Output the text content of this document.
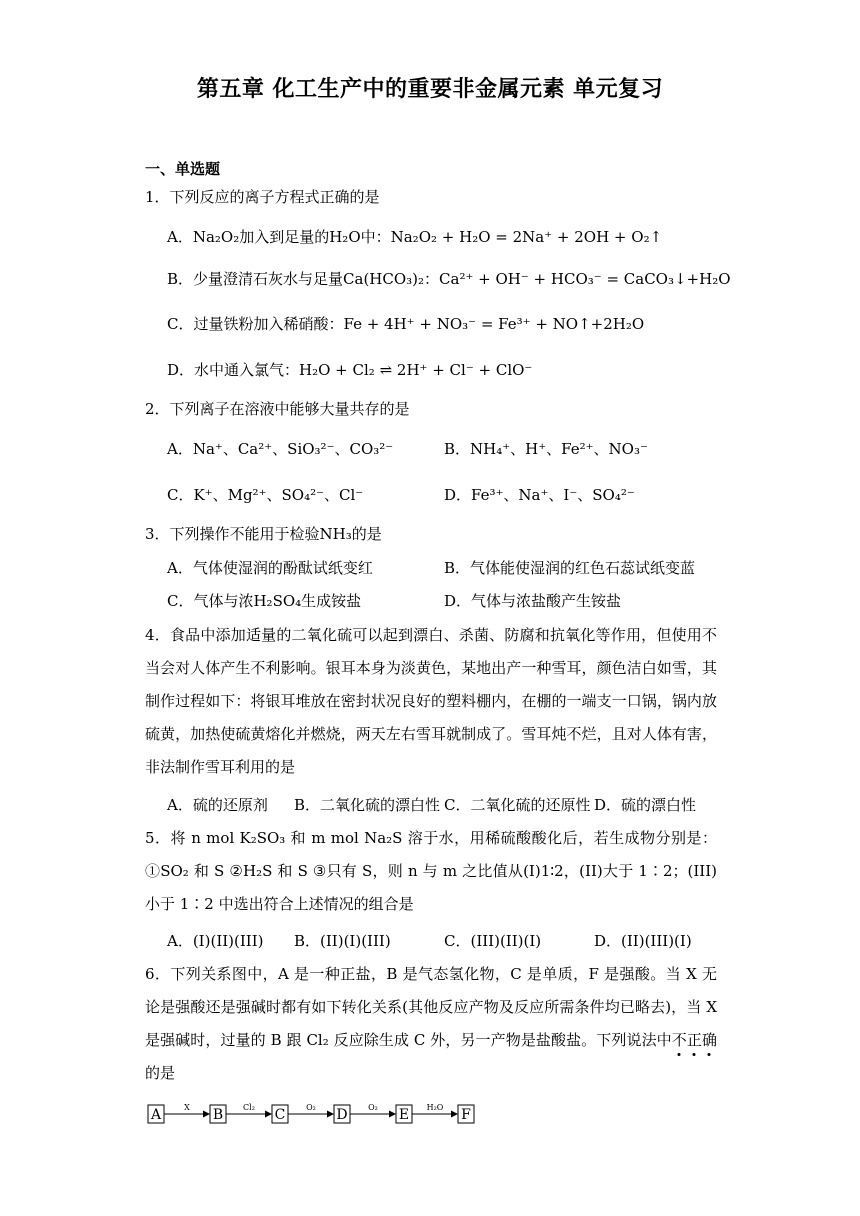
第五章 化工生产中的重要非金属元素 单元复习
一、单选题
1．下列反应的离子方程式正确的是
A．Na₂O₂加入到足量的H₂O中：Na₂O₂ + H₂O = 2Na⁺ + 2OH + O₂↑
B．少量澄清石灰水与足量Ca(HCO₃)₂：Ca²⁺ + OH⁻ + HCO₃⁻ = CaCO₃↓+H₂O
C．过量铁粉加入稀硝酸：Fe + 4H⁺ + NO₃⁻ = Fe³⁺ + NO↑+2H₂O
D．水中通入氯气：H₂O + Cl₂ ⇌ 2H⁺ + Cl⁻ + ClO⁻
2．下列离子在溶液中能够大量共存的是
A．Na⁺、Ca²⁺、SiO₃²⁻、CO₃²⁻	B．NH₄⁺、H⁺、Fe²⁺、NO₃⁻
C．K⁺、Mg²⁺、SO₄²⁻、Cl⁻	D．Fe³⁺、Na⁺、I⁻、SO₄²⁻
3．下列操作不能用于检验NH₃的是
A．气体使湿润的酚酞试纸变红	B．气体能使湿润的红色石蕊试纸变蓝
C．气体与浓H₂SO₄生成铵盐	D．气体与浓盐酸产生铵盐
4．食品中添加适量的二氧化硫可以起到漂白、杀菌、防腐和抗氧化等作用，但使用不当会对人体产生不利影响。银耳本身为淡黄色，某地出产一种雪耳，颜色洁白如雪，其制作过程如下：将银耳堆放在密封状况良好的塑料棚内，在棚的一端支一口锅，锅内放硫黄，加热使硫黄熔化并燃烧，两天左右雪耳就制成了。雪耳炖不烂，且对人体有害，非法制作雪耳利用的是
A．硫的还原剂 B．二氧化硫的漂白性 C．二氧化硫的还原性 D．硫的漂白性
5．将 n mol K₂SO₃ 和 m mol Na₂S 溶于水，用稀硫酸酸化后，若生成物分别是：①SO₂ 和 S ②H₂S 和 S ③只有 S，则 n 与 m 之比值从(I)1∶2，(II)大于 1∶2；(III)小于 1∶2 中选出符合上述情况的组合是
A．(I)(II)(III) B．(II)(I)(III)	C．(III)(II)(I)	D．(II)(III)(I)
6．下列关系图中，A 是一种正盐，B 是气态氢化物，C 是单质，F 是强酸。当 X 无论是强酸还是强碱时都有如下转化关系(其他反应产物及反应所需条件均已略去)，当 X 是强碱时，过量的 B 跟 Cl₂ 反应除生成 C 外，另一产物是盐酸盐。下列说法中不
正
确
的是
A	X B Cl₂ C	O₂ D	O₂ E H₂O F
